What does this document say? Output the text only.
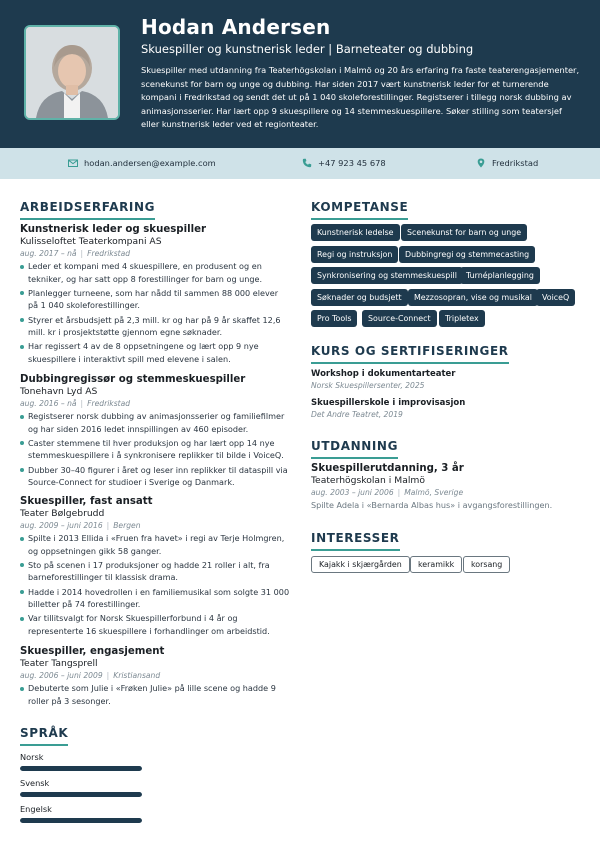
Hodan Andersen
Skuespiller og kunstnerisk leder | Barneteater og dubbing
Skuespiller med utdanning fra Teaterhögskolan i Malmö og 20 års erfaring fra faste teaterengasjementer, scenekunst for barn og unge og dubbing. Har siden 2017 vært kunstnerisk leder for et turnerende kompani i Fredrikstad og sendt det ut på 1 040 skoleforestillinger. Registserer i tillegg norsk dubbing av animasjonsserier. Har lært opp 9 skuespillere og 14 stemmeskuespillere. Søker stilling som teatersjef eller kunstnerisk leder ved et regionteater.
hodan.andersen@example.com	+47 923 45 678	Fredrikstad
ARBEIDSERFARING
Kunstnerisk leder og skuespiller
Kulisseloftet Teaterkompani AS
aug. 2017 – nå | Fredrikstad
Leder et kompani med 4 skuespillere, en produsent og en tekniker, og har satt opp 8 forestillinger for barn og unge.
Planlegger turneene, som har nådd til sammen 88 000 elever på 1 040 skoleforestillinger.
Styrer et årsbudsjett på 2,3 mill. kr og har på 9 år skaffet 12,6 mill. kr i prosjektstøtte gjennom egne søknader.
Har regissert 4 av de 8 oppsetningene og lært opp 9 nye skuespillere i interaktivt spill med elevene i salen.
Dubbingregissør og stemmeskuespiller
Tonehavn Lyd AS
aug. 2016 – nå | Fredrikstad
Registserer norsk dubbing av animasjonsserier og familiefilmer og har siden 2016 ledet innspillingen av 460 episoder.
Caster stemmene til hver produksjon og har lært opp 14 nye stemmeskuespillere i å synkronisere replikker til bilde i VoiceQ.
Dubber 30–40 figurer i året og leser inn replikker til dataspill via Source-Connect for studioer i Sverige og Danmark.
Skuespiller, fast ansatt
Teater Bølgebrudd
aug. 2009 – juni 2016 | Bergen
Spilte i 2013 Ellida i «Fruen fra havet» i regi av Terje Holmgren, og oppsetningen gikk 58 ganger.
Sto på scenen i 17 produksjoner og hadde 21 roller i alt, fra barneforestillinger til klassisk drama.
Hadde i 2014 hovedrollen i en familiemusikal som solgte 31 000 billetter på 74 forestillinger.
Var tillitsvalgt for Norsk Skuespillerforbund i 4 år og representerte 16 skuespillere i forhandlinger om arbeidstid.
Skuespiller, engasjement
Teater Tangsprell
aug. 2006 – juni 2009 | Kristiansand
Debuterte som Julie i «Frøken Julie» på lille scene og hadde 9 roller på 3 sesonger.
SPRÅK
Norsk
Svensk
Engelsk
KOMPETANSE
Kunstnerisk ledelse	Scenekunst for barn og unge
Regi og instruksjon	Dubbingregi og stemmecasting
Synkronisering og stemmeskuespill	Turnéplanlegging
Søknader og budsjett	Mezzosopran, vise og musikal	VoiceQ
Pro Tools	Source-Connect	Tripletex
KURS OG SERTIFISERINGER
Workshop i dokumentarteater
Norsk Skuespillersenter, 2025
Skuespillerskole i improvisasjon
Det Andre Teatret, 2019
UTDANNING
Skuespillerutdanning, 3 år
Teaterhögskolan i Malmö
aug. 2003 – juni 2006 | Malmö, Sverige
Spilte Adela i «Bernarda Albas hus» i avgangsforestillingen.
INTERESSER
Kajakk i skjærgården	keramikk	korsang
